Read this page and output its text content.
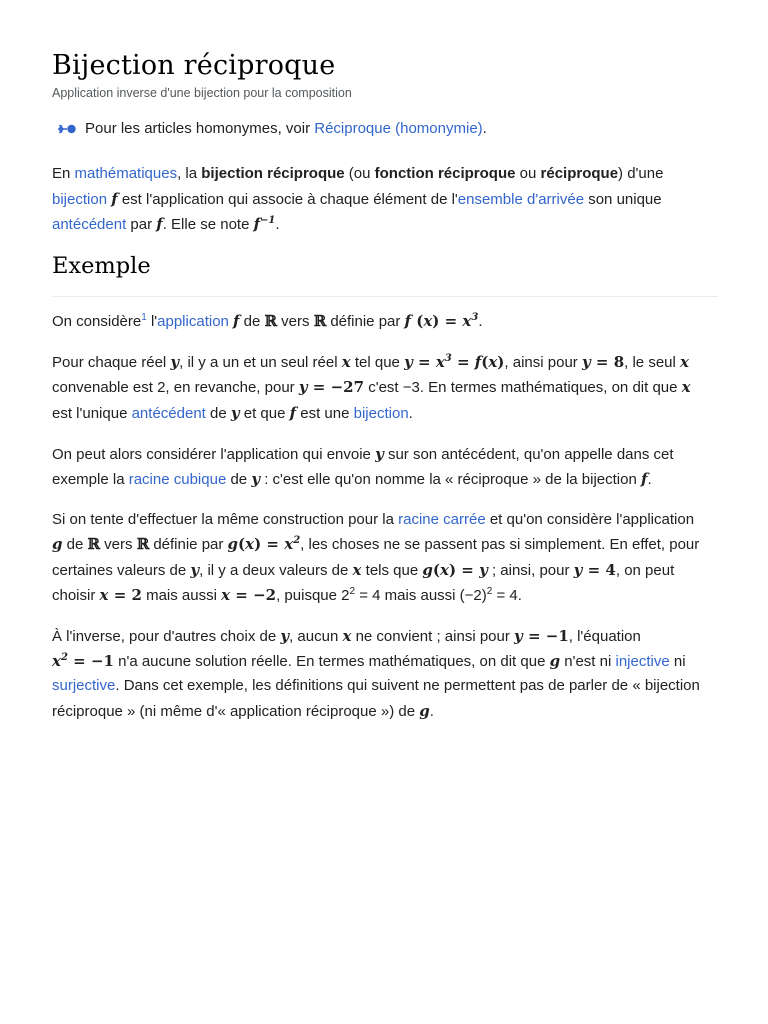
Bijection réciproque
Application inverse d'une bijection pour la composition
Pour les articles homonymes, voir Réciproque (homonymie).

En mathématiques, la bijection réciproque (ou fonction réciproque ou réciproque) d'une
bijection f est l'application qui associe à chaque élément de l'ensemble d'arrivée son unique
antécédent par f. Elle se note $f^{-1}$.

Exemple

On considère$^1$ l'application f de ℝ vers ℝ définie par f $(x) = x^3$.

Pour chaque réel y, il y a un et un seul réel x tel que $y = x^3 = f(x)$, ainsi pour y = 8, le seul x
convenable est 2, en revanche, pour y = −27 c'est −3. En termes mathématiques, on dit que x
est l'unique antécédent de y et que f est une bijection.

On peut alors considérer l'application qui envoie y sur son antécédent, qu'on appelle dans cet exemple la racine cubique de y : c'est elle qu'on nomme la « réciproque » de la bijection f.

Si on tente d'effectuer la même construction pour la racine carrée et qu'on considère l'application
g de ℝ vers ℝ définie par $g(x) = x^2$, les choses ne se passent pas si simplement. En effet, pour certaines valeurs de y, il y a deux valeurs de x tels que g(x) = y ; ainsi, pour y = 4, on peut choisir x = 2 mais aussi x = −2, puisque $2^2 = 4$ mais aussi $(-2)^2 = 4$.

À l'inverse, pour d'autres choix de y, aucun x ne convient ; ainsi pour y = −1, l'équation
$x^2 = -1$ n'a aucune solution réelle. En termes mathématiques, on dit que g n'est ni injective ni
surjective. Dans cet exemple, les définitions qui suivent ne permettent pas de parler de « bijection réciproque » (ni même d'« application réciproque ») de g.
